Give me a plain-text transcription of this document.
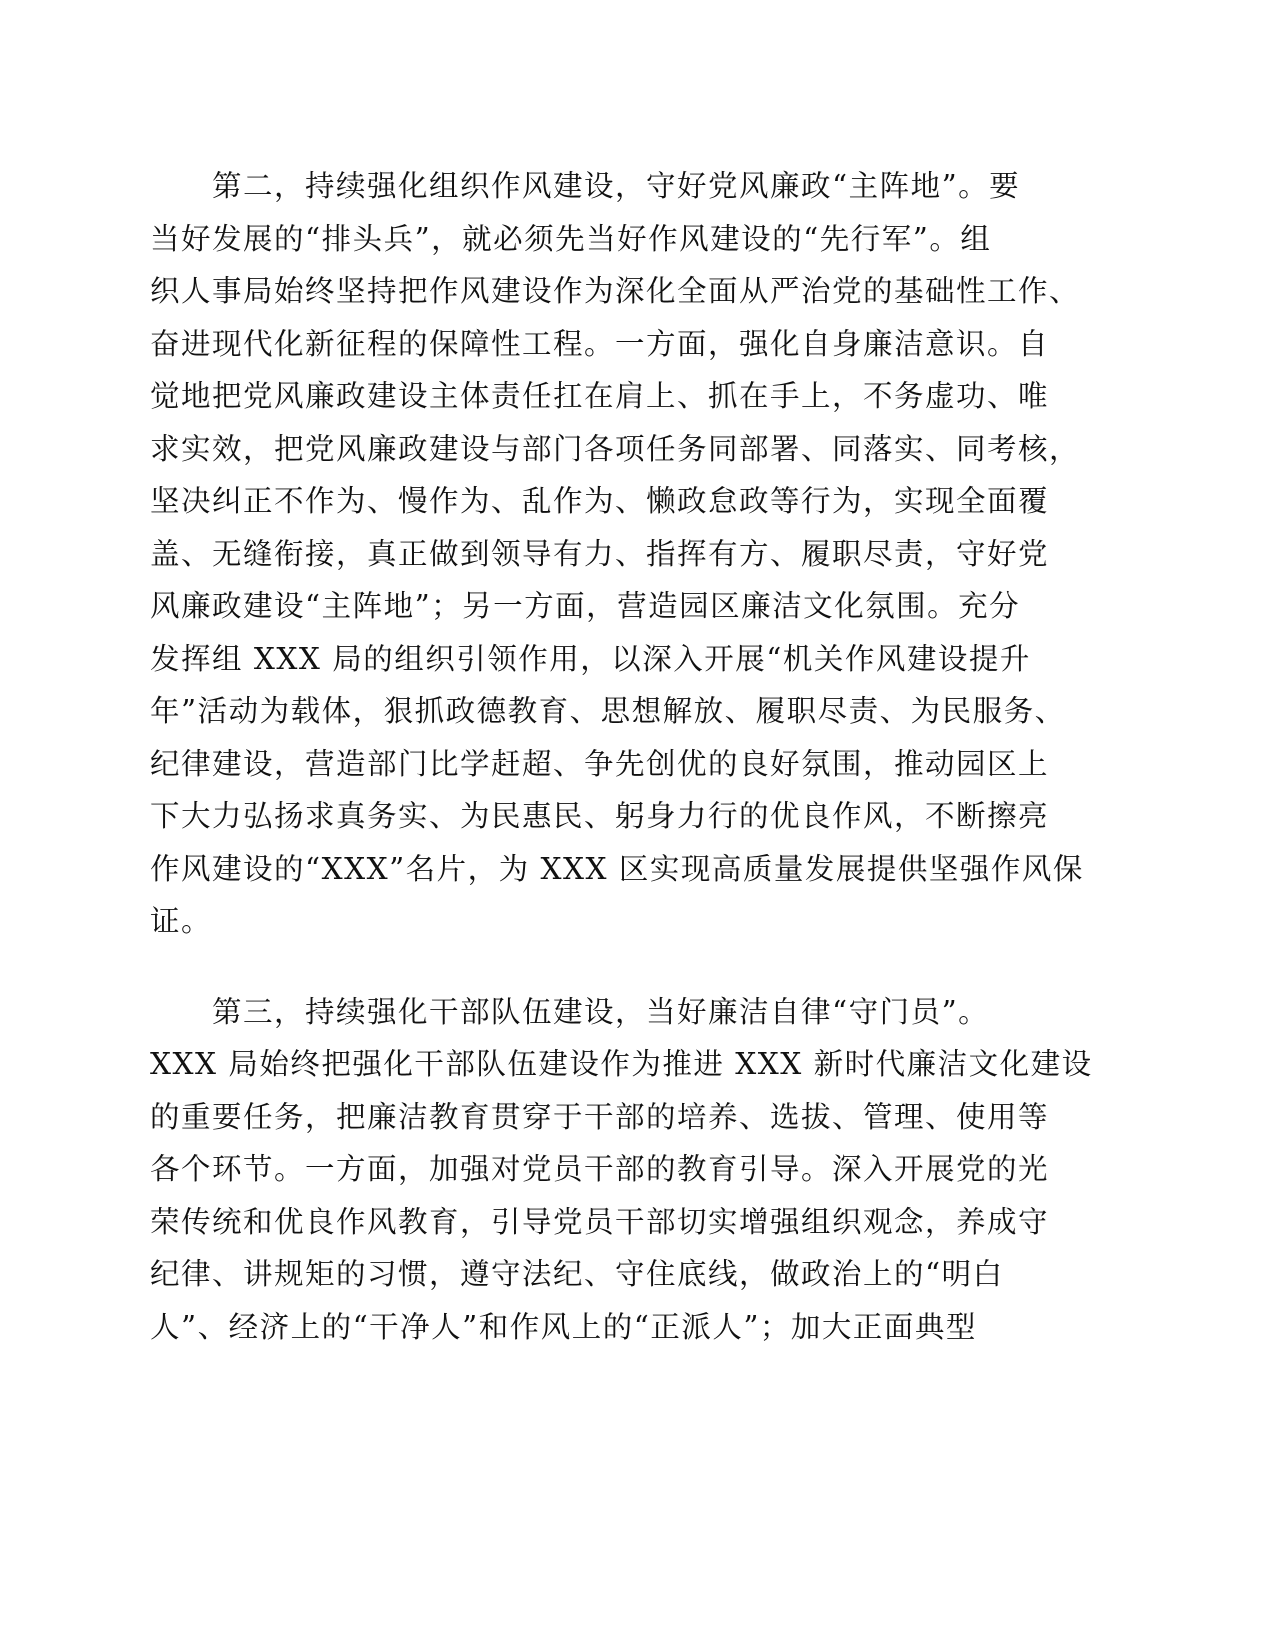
第二，持续强化组织作风建设，守好党风廉政“主阵地”。要
当好发展的“排头兵”，就必须先当好作风建设的“先行军”。组
织人事局始终坚持把作风建设作为深化全面从严治党的基础性工作、
奋进现代化新征程的保障性工程。一方面，强化自身廉洁意识。自
觉地把党风廉政建设主体责任扛在肩上、抓在手上，不务虚功、唯
求实效，把党风廉政建设与部门各项任务同部署、同落实、同考核，
坚决纠正不作为、慢作为、乱作为、懒政怠政等行为，实现全面覆
盖、无缝衔接，真正做到领导有力、指挥有方、履职尽责，守好党
风廉政建设“主阵地”；另一方面，营造园区廉洁文化氛围。充分
发挥组 XXX 局的组织引领作用，以深入开展“机关作风建设提升
年”活动为载体，狠抓政德教育、思想解放、履职尽责、为民服务、
纪律建设，营造部门比学赶超、争先创优的良好氛围，推动园区上
下大力弘扬求真务实、为民惠民、躬身力行的优良作风，不断擦亮
作风建设的“XXX”名片，为 XXX 区实现高质量发展提供坚强作风保
证。
第三，持续强化干部队伍建设，当好廉洁自律“守门员”。
XXX 局始终把强化干部队伍建设作为推进 XXX 新时代廉洁文化建设
的重要任务，把廉洁教育贯穿于干部的培养、选拔、管理、使用等
各个环节。一方面，加强对党员干部的教育引导。深入开展党的光
荣传统和优良作风教育，引导党员干部切实增强组织观念，养成守
纪律、讲规矩的习惯，遵守法纪、守住底线，做政治上的“明白
人”、经济上的“干净人”和作风上的“正派人”；加大正面典型
